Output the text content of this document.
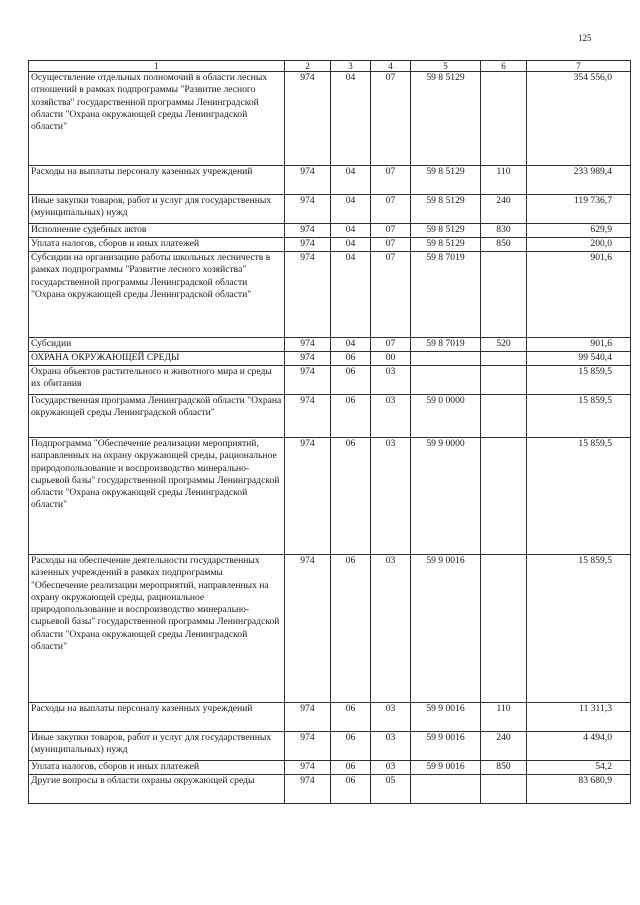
125
1	2	3	4	5	6	7
Осуществление отдельных полномочий в области лесных отношений в рамках подпрограммы "Развитие лесного хозяйства" государственной программы Ленинградской области "Охрана окружающей среды Ленинградской области"	974	04	07	59 8 5129		354 556,0
Расходы на выплаты персоналу казенных учреждений	974	04	07	59 8 5129	110	233 989,4
Иные закупки товаров, работ и услуг для государственных (муниципальных) нужд	974	04	07	59 8 5129	240	119 736,7
Исполнение судебных актов	974	04	07	59 8 5129	830	629,9
Уплата налогов, сборов и иных платежей	974	04	07	59 8 5129	850	200,0
Субсидии на организацию работы школьных лесничеств в рамках подпрограммы "Развитие лесного хозяйства" государственной программы Ленинградской области "Охрана окружающей среды Ленинградской области"	974	04	07	59 8 7019		901,6
Субсидии	974	04	07	59 8 7019	520	901,6
ОХРАНА ОКРУЖАЮЩЕЙ СРЕДЫ	974	06	00			99 540,4
Охрана объектов растительного и животного мира и среды их обитания	974	06	03			15 859,5
Государственная программа Ленинградской области "Охрана окружающей среды Ленинградской области"	974	06	03	59 0 0000		15 859,5
Подпрограмма "Обеспечение реализации мероприятий, направленных на охрану окружающей среды, рациональное природопользование и воспроизводство минерально-сырьевой базы" государственной программы Ленинградской области "Охрана окружающей среды Ленинградской области"	974	06	03	59 9 0000		15 859,5
Расходы на обеспечение деятельности государственных казенных учреждений в рамках подпрограммы "Обеспечение реализации мероприятий, направленных на охрану окружающей среды, рациональное природопользование и воспроизводство минерально-сырьевой базы" государственной программы Ленинградской области "Охрана окружающей среды Ленинградской области"	974	06	03	59 9 0016		15 859,5
Расходы на выплаты персоналу казенных учреждений	974	06	03	59 9 0016	110	11 311,3
Иные закупки товаров, работ и услуг для государственных (муниципальных) нужд	974	06	03	59 9 0016	240	4 494,0
Уплата налогов, сборов и иных платежей	974	06	03	59 9 0016	850	54,2
Другие вопросы в области охраны окружающей среды	974	06	05			83 680,9
